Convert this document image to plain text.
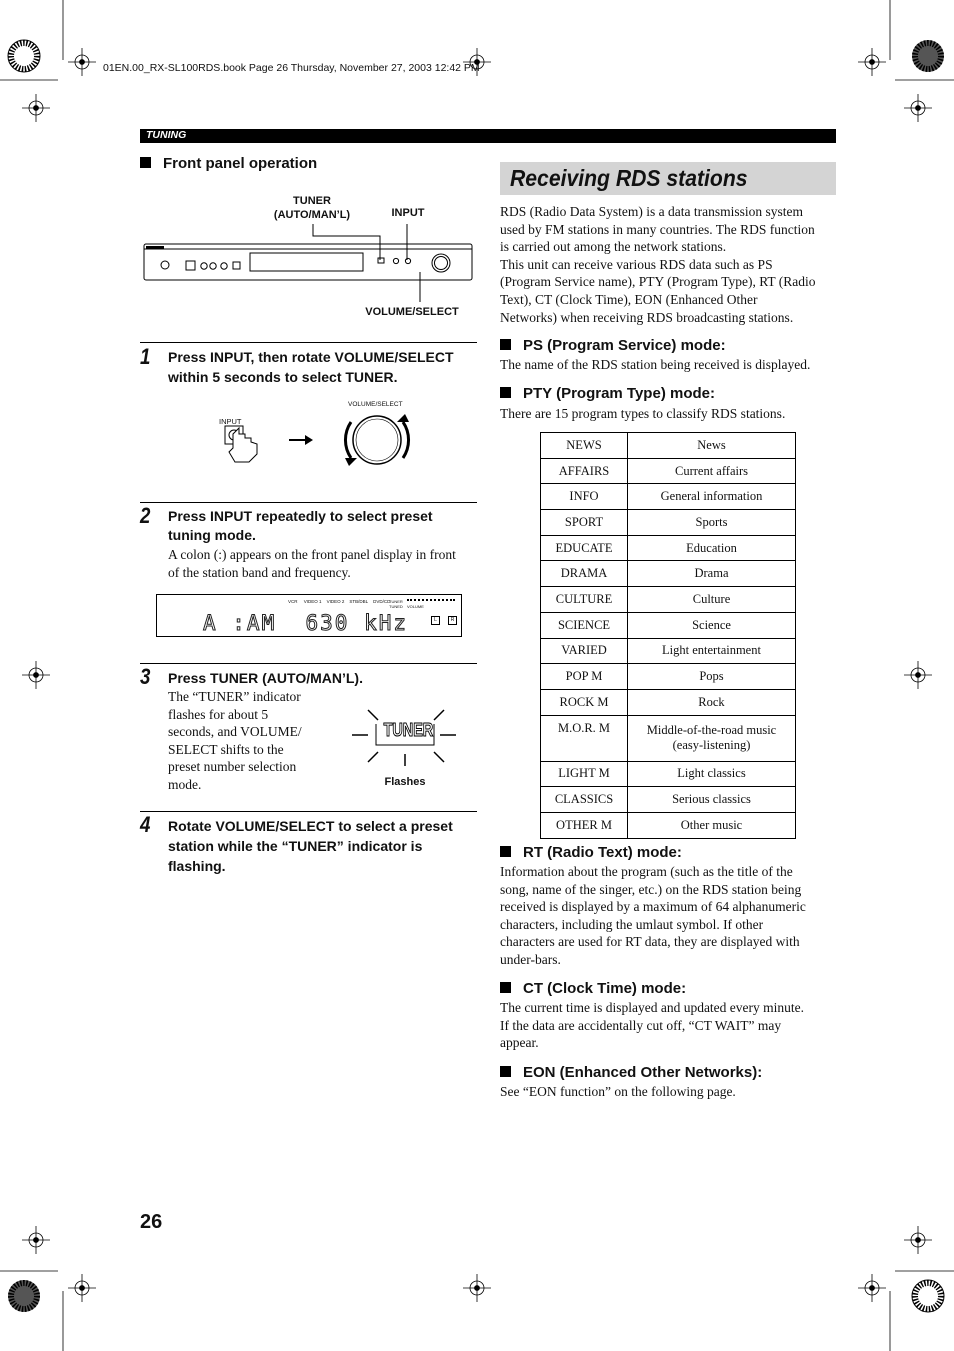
01EN.00_RX-SL100RDS.book Page 26 Thursday, November 27, 2003 12:42 PM
TUNING
Front panel operation
TUNER
(AUTO/MAN’L)	INPUT
VOLUME/SELECT
1 Press INPUT, then rotate VOLUME/SELECT
within 5 seconds to select TUNER.
INPUT
VOLUME/SELECT
2 Press INPUT repeatedly to select preset
tuning mode.
A colon (:) appears on the front panel display in front
of the station band and frequency.
VCR VIDEO 1 VIDEO 2 STB/DBL DVD/CD
TUNER
TUNED VOLUME
A :AM  630 kHz	L	R
3 Press TUNER (AUTO/MAN’L).
The “TUNER” indicator
flashes for about 5
seconds, and VOLUME/
SELECT shifts to the
preset number selection
mode.
TUNER
Flashes
4 Rotate VOLUME/SELECT to select a preset
station while the “TUNER” indicator is
flashing.
Receiving RDS stations
RDS (Radio Data System) is a data transmission system
used by FM stations in many countries. The RDS function
is carried out among the network stations.
This unit can receive various RDS data such as PS
(Program Service name), PTY (Program Type), RT (Radio
Text), CT (Clock Time), EON (Enhanced Other
Networks) when receiving RDS broadcasting stations.
PS (Program Service) mode:
The name of the RDS station being received is displayed.
PTY (Program Type) mode:
There are 15 program types to classify RDS stations.
NEWS	News
AFFAIRS	Current affairs
INFO	General information
SPORT	Sports
EDUCATE	Education
DRAMA	Drama
CULTURE	Culture
SCIENCE	Science
VARIED	Light entertainment
POP M	Pops
ROCK M	Rock
M.O.R. M	Middle-of-the-road music
(easy-listening)

LIGHT M	Light classics
CLASSICS	Serious classics
OTHER M	Other music
RT (Radio Text) mode:
Information about the program (such as the title of the
song, name of the singer, etc.) on the RDS station being
received is displayed by a maximum of 64 alphanumeric
characters, including the umlaut symbol. If other
characters are used for RT data, they are displayed with
under-bars.
CT (Clock Time) mode:
The current time is displayed and updated every minute.
If the data are accidentally cut off, “CT WAIT” may
appear.
EON (Enhanced Other Networks):
See “EON function” on the following page.
26
